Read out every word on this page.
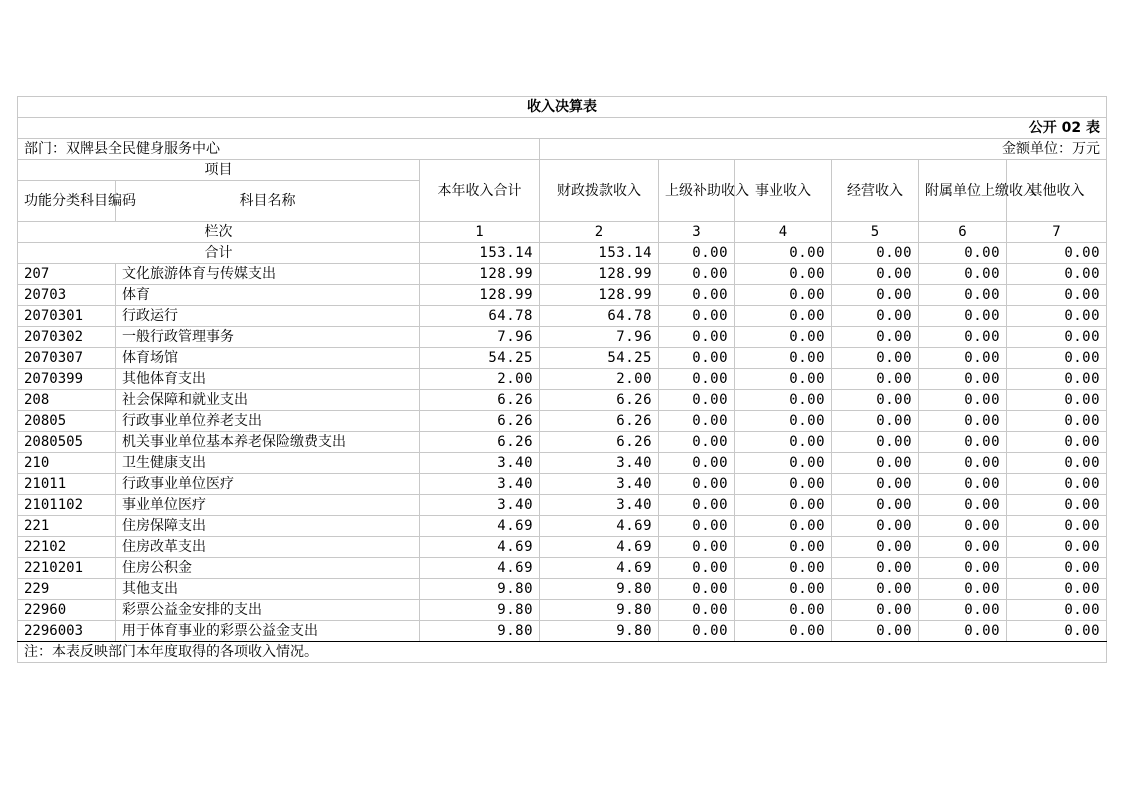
收入决算表								
公开 02 表								
部门：双牌县全民健身服务中心			金额单位：万元					
项目		本年收入合计	财政拨款收入	上级补助收入	事业收入	经营收入	附属单位上缴收入	其他收入
功能分类科目编码	科目名称							
栏次		1	2	3	4	5	6	7
合计		153.14	153.14	0.00	0.00	0.00	0.00	0.00
207	文化旅游体育与传媒支出	128.99	128.99	0.00	0.00	0.00	0.00	0.00
20703	体育	128.99	128.99	0.00	0.00	0.00	0.00	0.00
2070301	行政运行	64.78	64.78	0.00	0.00	0.00	0.00	0.00
2070302	一般行政管理事务	7.96	7.96	0.00	0.00	0.00	0.00	0.00
2070307	体育场馆	54.25	54.25	0.00	0.00	0.00	0.00	0.00
2070399	其他体育支出	2.00	2.00	0.00	0.00	0.00	0.00	0.00
208	社会保障和就业支出	6.26	6.26	0.00	0.00	0.00	0.00	0.00
20805	行政事业单位养老支出	6.26	6.26	0.00	0.00	0.00	0.00	0.00
2080505	机关事业单位基本养老保险缴费支出	6.26	6.26	0.00	0.00	0.00	0.00	0.00
210	卫生健康支出	3.40	3.40	0.00	0.00	0.00	0.00	0.00
21011	行政事业单位医疗	3.40	3.40	0.00	0.00	0.00	0.00	0.00
2101102	事业单位医疗	3.40	3.40	0.00	0.00	0.00	0.00	0.00
221	住房保障支出	4.69	4.69	0.00	0.00	0.00	0.00	0.00
22102	住房改革支出	4.69	4.69	0.00	0.00	0.00	0.00	0.00
2210201	住房公积金	4.69	4.69	0.00	0.00	0.00	0.00	0.00
229	其他支出	9.80	9.80	0.00	0.00	0.00	0.00	0.00
22960	彩票公益金安排的支出	9.80	9.80	0.00	0.00	0.00	0.00	0.00
2296003	用于体育事业的彩票公益金支出	9.80	9.80	0.00	0.00	0.00	0.00	0.00
注：本表反映部门本年度取得的各项收入情况。								
